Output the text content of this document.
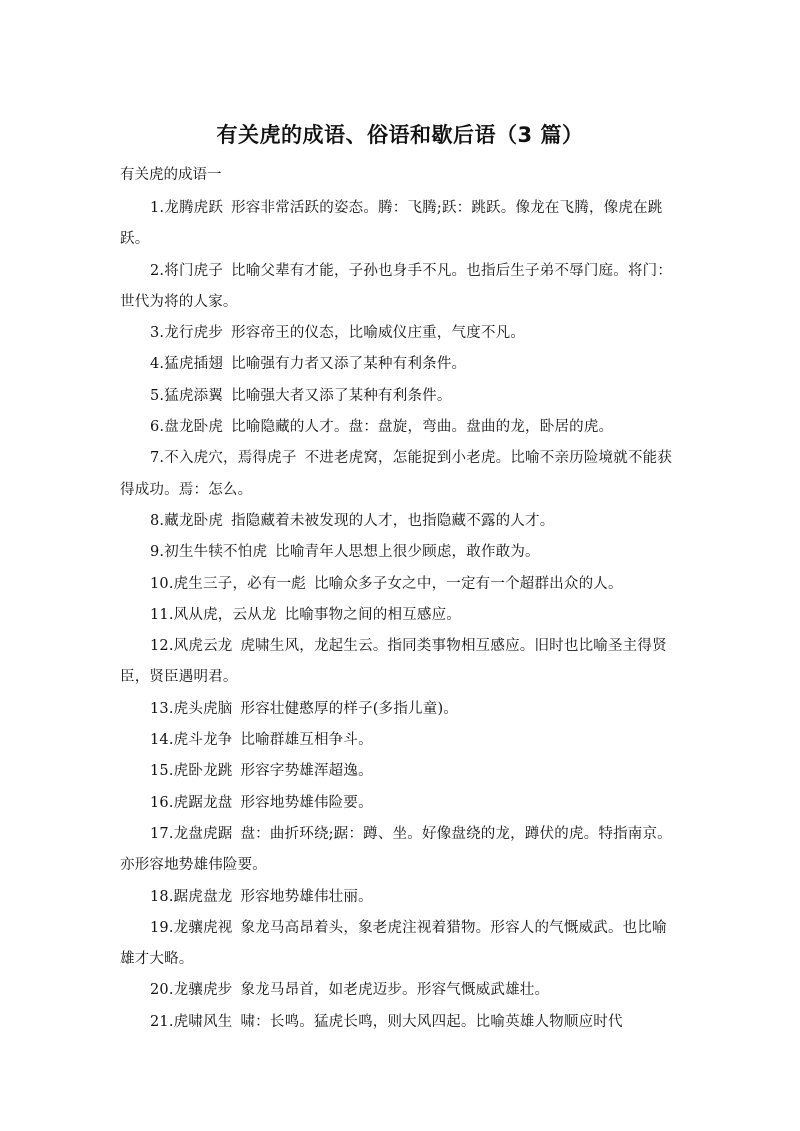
有关虎的成语、俗语和歇后语（3 篇）
有关虎的成语一

1.龙腾虎跃 形容非常活跃的姿态。腾：飞腾;跃：跳跃。像龙在飞腾，像虎在跳跃。

2.将门虎子 比喻父辈有才能，子孙也身手不凡。也指后生子弟不辱门庭。将门：世代为将的人家。

3.龙行虎步 形容帝王的仪态，比喻威仪庄重，气度不凡。

4.猛虎插翅 比喻强有力者又添了某种有利条件。

5.猛虎添翼 比喻强大者又添了某种有利条件。

6.盘龙卧虎 比喻隐藏的人才。盘：盘旋，弯曲。盘曲的龙，卧居的虎。

7.不入虎穴，焉得虎子 不进老虎窝，怎能捉到小老虎。比喻不亲历险境就不能获得成功。焉：怎么。

8.藏龙卧虎 指隐藏着未被发现的人才，也指隐藏不露的人才。

9.初生牛犊不怕虎 比喻青年人思想上很少顾虑，敢作敢为。

10.虎生三子，必有一彪 比喻众多子女之中，一定有一个超群出众的人。

11.风从虎，云从龙 比喻事物之间的相互感应。

12.风虎云龙 虎啸生风，龙起生云。指同类事物相互感应。旧时也比喻圣主得贤臣，贤臣遇明君。

13.虎头虎脑 形容壮健憨厚的样子(多指儿童)。

14.虎斗龙争 比喻群雄互相争斗。

15.虎卧龙跳 形容字势雄浑超逸。

16.虎踞龙盘 形容地势雄伟险要。

17.龙盘虎踞 盘：曲折环绕;踞：蹲、坐。好像盘绕的龙，蹲伏的虎。特指南京。亦形容地势雄伟险要。

18.踞虎盘龙 形容地势雄伟壮丽。

19.龙骧虎视 象龙马高昂着头，象老虎注视着猎物。形容人的气慨威武。也比喻雄才大略。

20.龙骧虎步 象龙马昂首，如老虎迈步。形容气慨威武雄壮。

21.虎啸风生 啸：长鸣。猛虎长鸣，则大风四起。比喻英雄人物顺应时代
